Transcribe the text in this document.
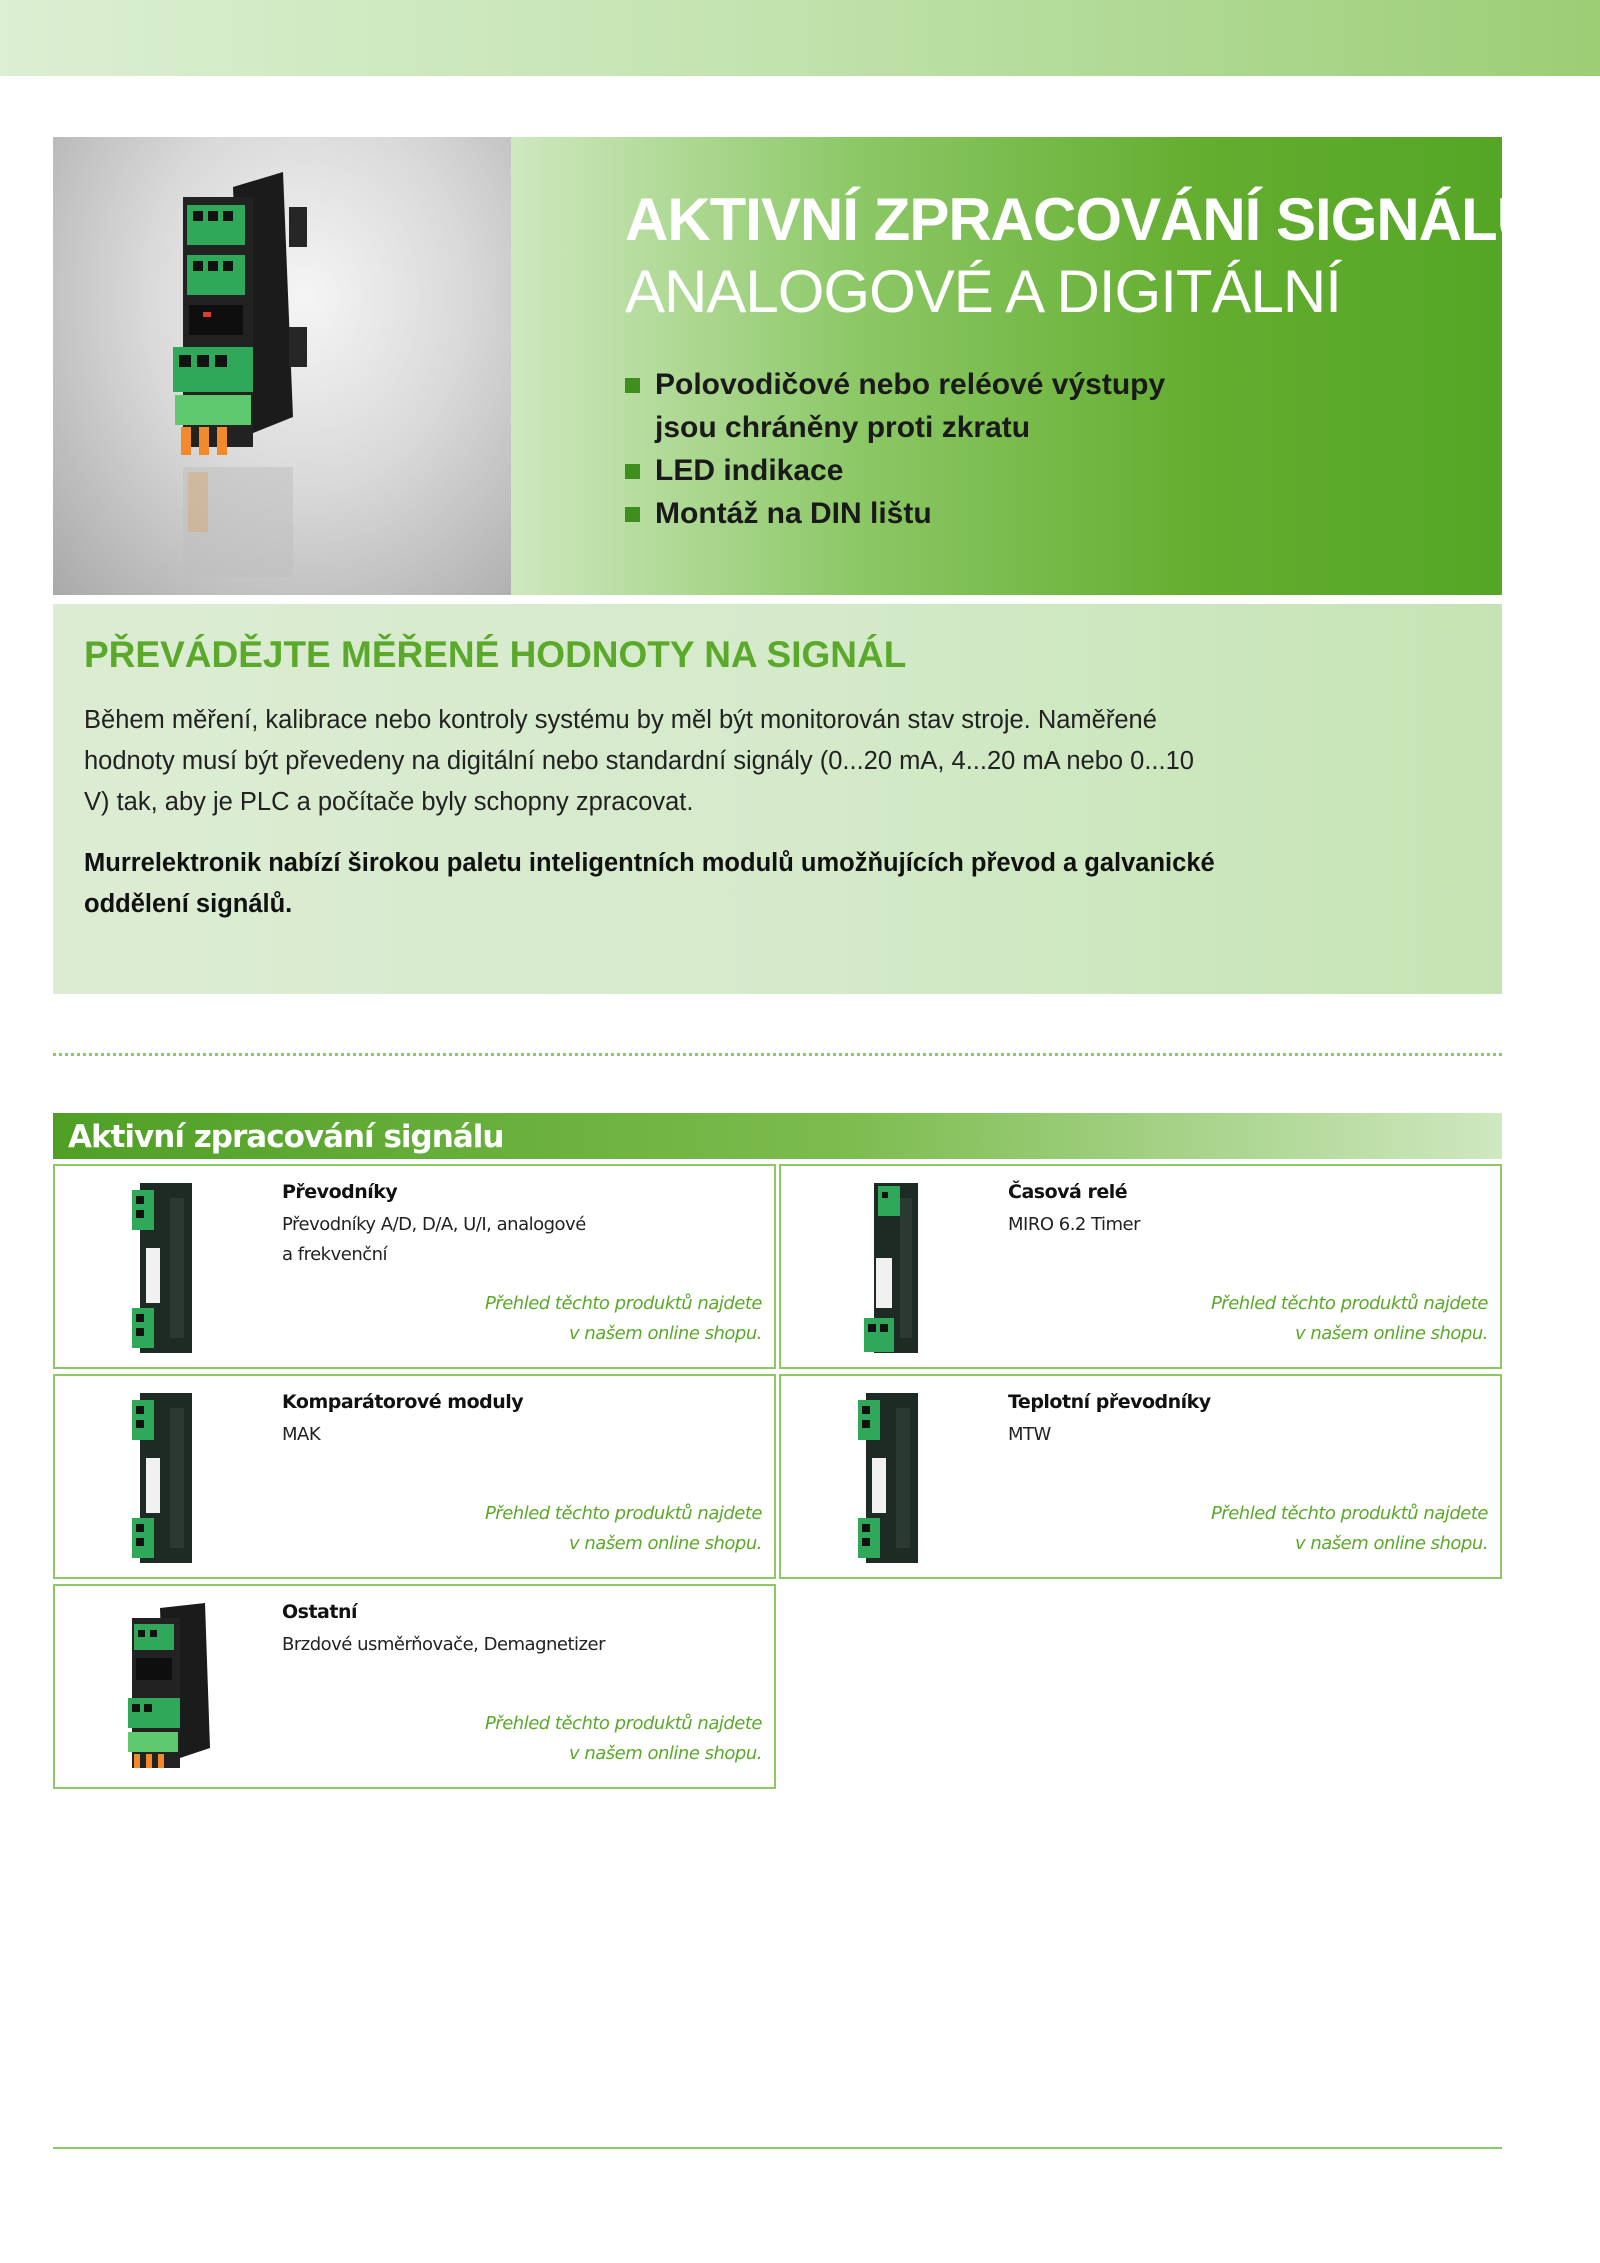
AKTIVNÍ ZPRACOVÁNÍ SIGNÁLU
ANALOGOVÉ A DIGITÁLNÍ
Polovodičové nebo reléové výstupy
jsou chráněny proti zkratu
LED indikace
Montáž na DIN lištu
PŘEVÁDĚJTE MĚŘENÉ HODNOTY NA SIGNÁL

Během měření, kalibrace nebo kontroly systému by měl být monitorován stav stroje. Naměřené hodnoty musí být převedeny na digitální nebo standardní signály (0...20 mA, 4...20 mA nebo 0...10 V) tak, aby je PLC a počítače byly schopny zpracovat.

Murrelektronik nabízí širokou paletu inteligentních modulů umožňujících převod a galvanické oddělení signálů.

Aktivní zpracování signálu
Převodníky
Převodníky A/D, D/A, U/I, analogové
a frekvenční
Přehled těchto produktů najdete
v našem online shopu.
Časová relé
MIRO 6.2 Timer
Přehled těchto produktů najdete
v našem online shopu.
Komparátorové moduly
MAK
Přehled těchto produktů najdete
v našem online shopu.
Teplotní převodníky
MTW
Přehled těchto produktů najdete
v našem online shopu.
Ostatní
Brzdové usměrňovače, Demagnetizer
Přehled těchto produktů najdete
v našem online shopu.
